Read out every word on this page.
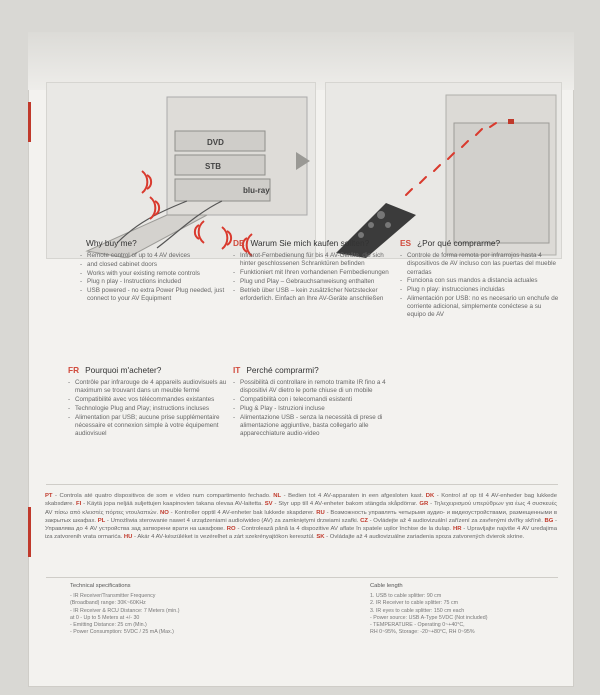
DVD
STB
blu-ray
Why buy me?
- Remote control of up to 4 AV devices
- and closed cabinet doors
- Works with your existing remote controls
- Plug n play - Instructions included
- USB powered - no extra Power Plug needed, just connect to your AV Equipment
DE Warum Sie mich kaufen sollten?
- Infrarot-Fernbedienung für bis 4 AV-Geräte, die sich hinter geschlossenen Schranktüren befinden
- Funktioniert mit Ihren vorhandenen Fernbedienungen
- Plug und Play – Gebrauchsanweisung enthalten
- Betrieb über USB – kein zusätzlicher Netzstecker erforderlich. Einfach an Ihre AV-Geräte anschließen
ES ¿Por qué comprarme?
- Controle de forma remota por infrarrojos hasta 4 dispositivos de AV incluso con las puertas del mueble cerradas
- Funciona con sus mandos a distancia actuales
- Plug n play: instrucciones incluidas
- Alimentación por USB: no es necesario un enchufe de corriente adicional, simplemente conéctese a su equipo de AV
FR Pourquoi m'acheter?
- Contrôle par infrarouge de 4 appareils audiovisuels au maximum se trouvant dans un meuble fermé
- Compatibilité avec vos télécommandes existantes
- Technologie Plug and Play; instructions incluses
- Alimentation par USB; aucune prise supplémentaire nécessaire et connexion simple à votre équipement audiovisuel
IT Perché comprarmi?
- Possibilità di controllare in remoto tramite IR fino a 4 dispositivi AV dietro le porte chiuse di un mobile
- Compatibilità con i telecomandi esistenti
- Plug & Play - Istruzioni incluse
- Alimentazione USB - senza la necessità di prese di alimentazione aggiuntive, basta collegarlo alle apparecchiature audio-video
PT - Controla até quatro dispositivos de som e vídeo num compartimento fechado. NL - Bedien tot 4 AV-apparaten in een afgesloten kast. DK - Kontrol af op til 4 AV-enheder bag lukkede skabsdøre. FI - Käytä jopa neljää suljettujen kaapinovien takana olevaa AV-laitetta. SV - Styr upp till 4 AV-enheter bakom stängda skåpdörrar. GR - Τηλεχειρισμού υπερύθρων για έως 4 συσκευές AV πίσω από κλειστές πόρτες ντουλαπιών. NO - Kontroller opptil 4 AV-enheter bak lukkede skapdører. RU - Возможность управлять четырьмя аудио- и видеоустройствами, размещенными в закрытых шкафах. PL - Umożliwia sterowanie nawet 4 urządzeniami audio/wideo (AV) za zamkniętymi drzwiami szafki. CZ - Ovládejte až 4 audiovizuální zařízení za zavřenými dvířky skříně. BG - Управлява до 4 AV устройства зад затворени врати на шкафове. RO - Controlează până la 4 dispozitive AV aflate în spatele ușilor închise de la dulap. HR - Upravljajte najviše 4 AV uređajima iza zatvorenih vrata ormarića. HU - Akár 4 AV-készüléket is vezérelhet a zárt szekrényajtókon keresztül. SK - Ovládajte až 4 audiovizuálne zariadenia spoza zatvorených dvierok skrine.
Technical specifications
- IR Receiver/Transmitter Frequency
(Broadband) range: 30K~60KHz
- IR Receiver & RCU Distance: 7 Meters (min.)
at 0 - Up to 5 Meters at +/- 30
- Emitting Distance: 25 cm (Min.)
- Power Consumption: 5VDC / 25 mA (Max.)
Cable length
1. USB to cable splitter: 90 cm
2. IR Receiver to cable splitter: 75 cm
3. IR eyes to cable splitter: 150 cm each
- Power source: USB A-Type 5VDC (Not included)
- TEMPERATURE - Operating 0~+40°C,
RH 0~95%, Storage: -20~+80°C, RH 0~95%
